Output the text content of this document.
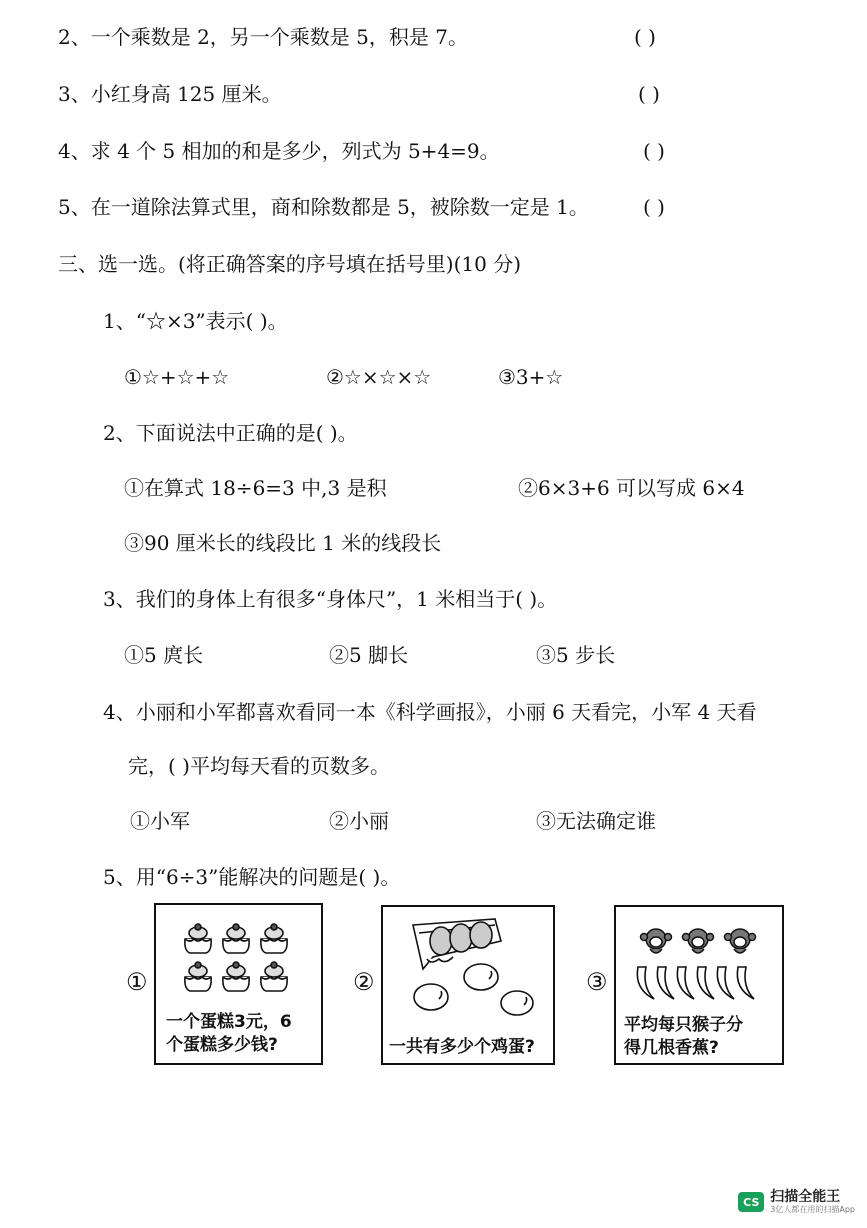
2、一个乘数是 2，另一个乘数是 5，积是 7。	( )
3、小红身高 125 厘米。	( )
4、求 4 个 5 相加的和是多少，列式为 5+4=9。	( )
5、在一道除法算式里，商和除数都是 5，被除数一定是 1。	( )
三、选一选。(将正确答案的序号填在括号里)(10 分)
1、“☆×3”表示( )。
①☆+☆+☆	②☆×☆×☆	③3+☆
2、下面说法中正确的是( )。
①在算式 18÷6=3 中,3 是积	②6×3+6 可以写成 6×4
③90 厘米长的线段比 1 米的线段长
3、我们的身体上有很多“身体尺”，1 米相当于( )。
①5 庹长	②5 脚长	③5 步长
4、小丽和小军都喜欢看同一本《科学画报》，小丽 6 天看完，小军 4 天看
完，( )平均每天看的页数多。
①小军	②小丽	③无法确定谁
5、用“6÷3”能解决的问题是( )。
①
一个蛋糕3元，6
个蛋糕多少钱?
②
一共有多少个鸡蛋?
③
平均每只猴子分
得几根香蕉?
CS 扫描全能王
3亿人都在用的扫描App
